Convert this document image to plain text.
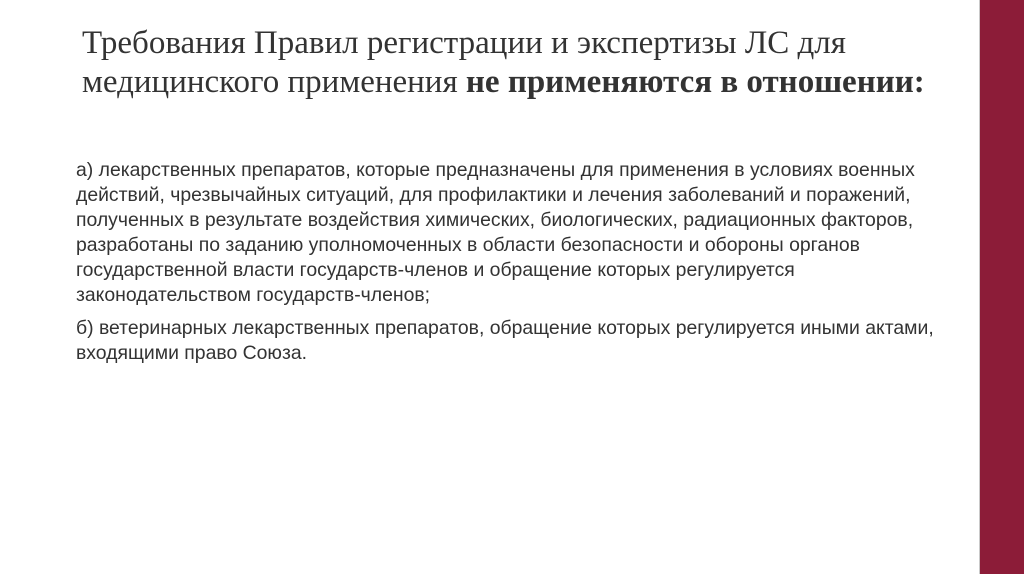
Требования Правил регистрации и экспертизы ЛС для медицинского применения не применяются в отношении:

а) лекарственных препаратов, которые предназначены для применения в условиях военных действий, чрезвычайных ситуаций, для профилактики и лечения заболеваний и поражений, полученных в результате воздействия химических, биологических, радиационных факторов, разработаны по заданию уполномоченных в области безопасности и обороны органов государственной власти государств-членов и обращение которых регулируется законодательством государств-членов;

б) ветеринарных лекарственных препаратов, обращение которых регулируется иными актами, входящими право Союза.
